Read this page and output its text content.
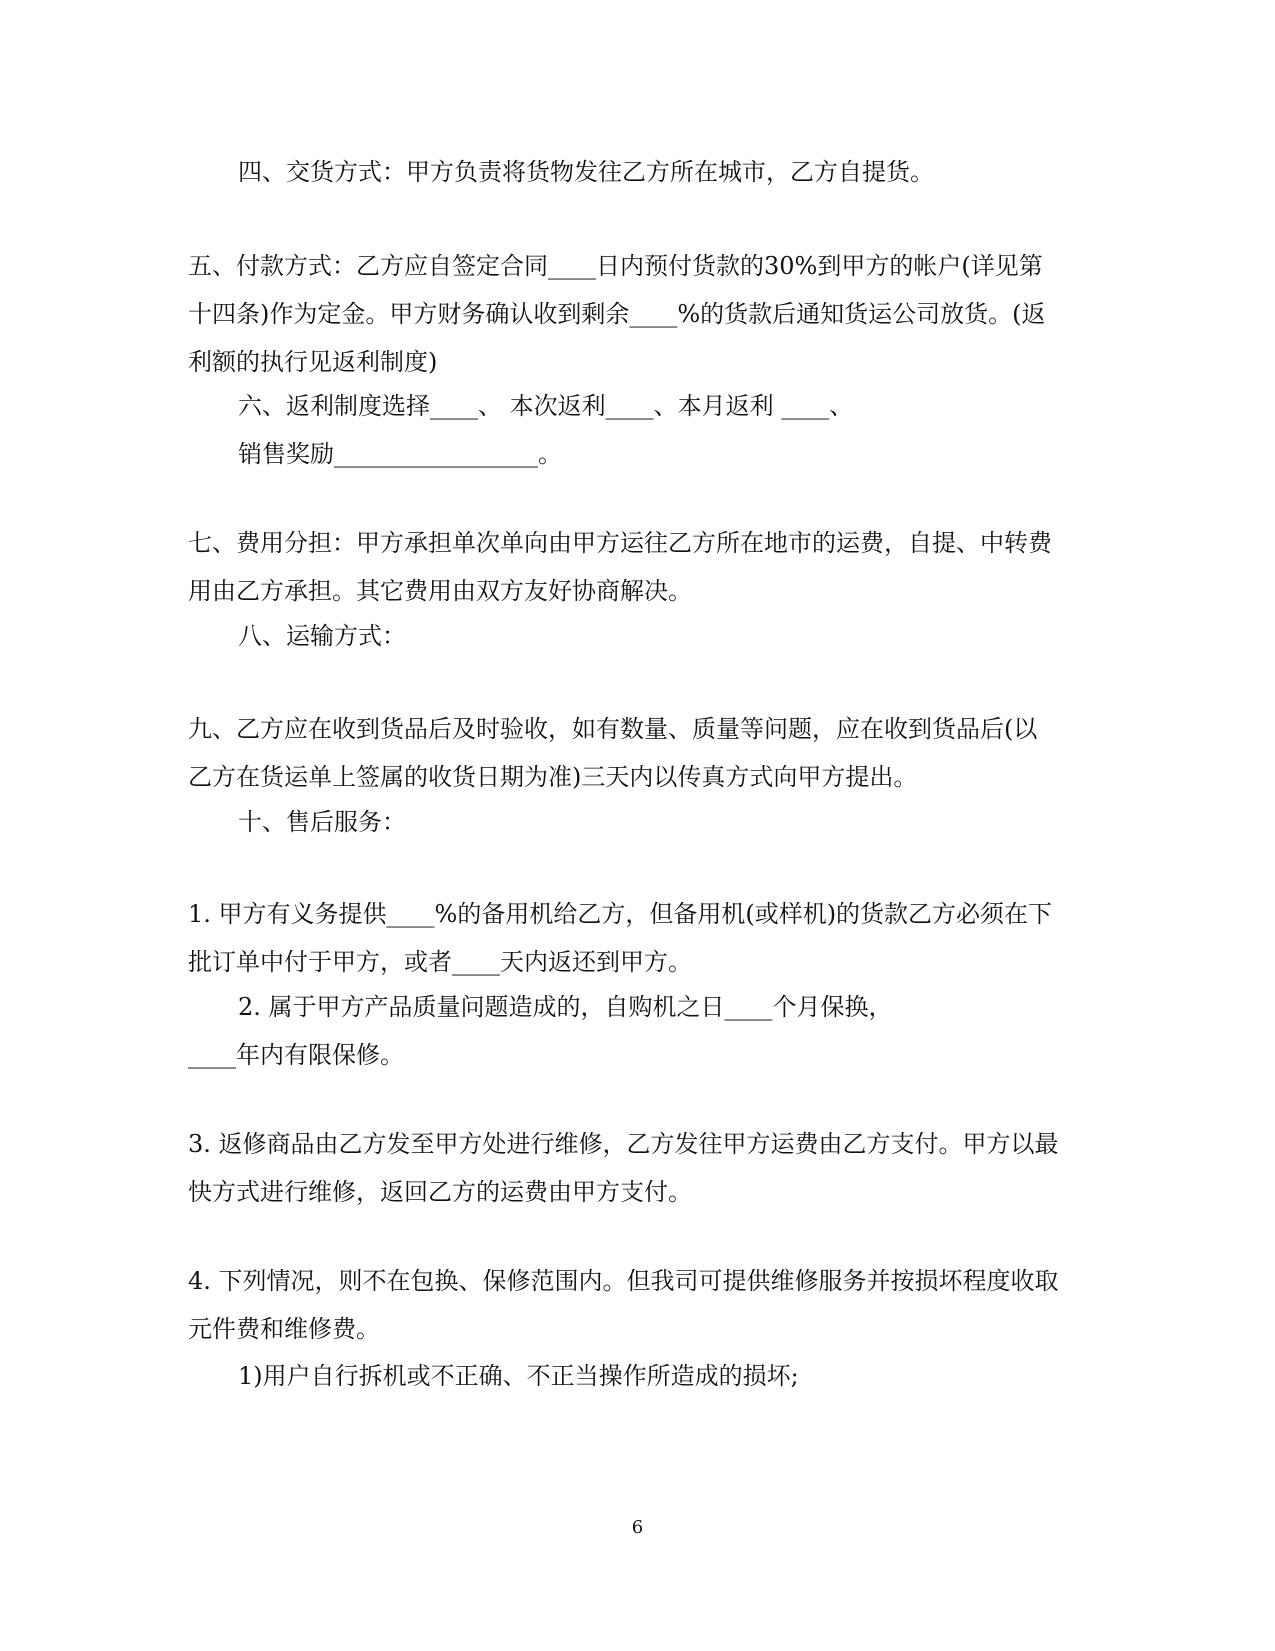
四、交货方式：甲方负责将货物发往乙方所在城市，乙方自提货。

五、付款方式：乙方应自签定合同____日内预付货款的30%到甲方的帐户(详见第
十四条)作为定金。甲方财务确认收到剩余____%的货款后通知货运公司放货。(返
利额的执行见返利制度)

六、返利制度选择____、 本次返利____、本月返利 ____、
销售奖励_________________。

七、费用分担：甲方承担单次单向由甲方运往乙方所在地市的运费，自提、中转费
用由乙方承担。其它费用由双方友好协商解决。

八、运输方式：

九、乙方应在收到货品后及时验收，如有数量、质量等问题，应在收到货品后(以
乙方在货运单上签属的收货日期为准)三天内以传真方式向甲方提出。

十、售后服务：

1. 甲方有义务提供____%的备用机给乙方，但备用机(或样机)的货款乙方必须在下
批订单中付于甲方，或者____天内返还到甲方。

2. 属于甲方产品质量问题造成的，自购机之日____个月保换，
____年内有限保修。

3. 返修商品由乙方发至甲方处进行维修，乙方发往甲方运费由乙方支付。甲方以最
快方式进行维修，返回乙方的运费由甲方支付。

4. 下列情况，则不在包换、保修范围内。但我司可提供维修服务并按损坏程度收取
元件费和维修费。

1)用户自行拆机或不正确、不正当操作所造成的损坏;

6
